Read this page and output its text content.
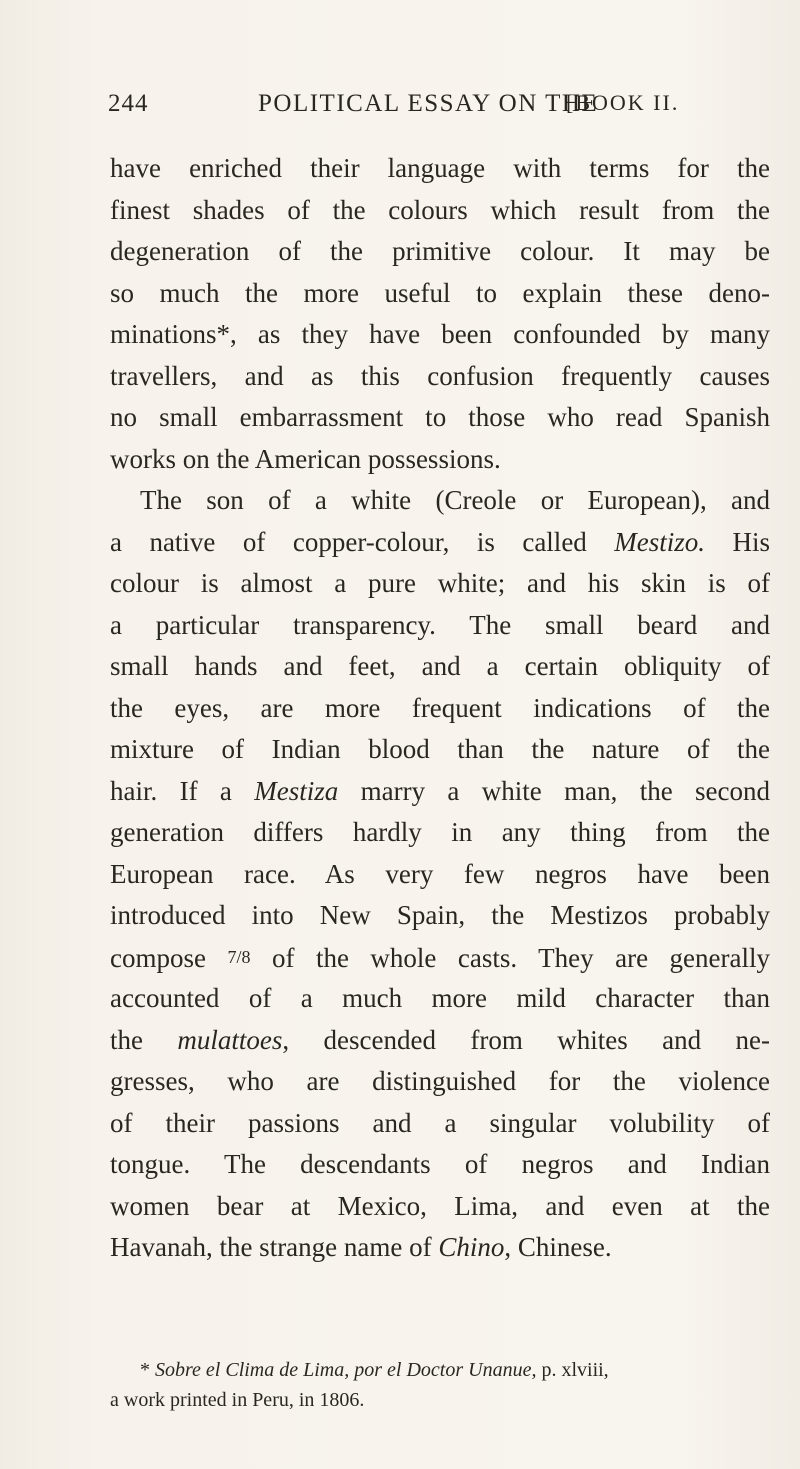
244	POLITICAL ESSAY ON THE
[BOOK II.
have enriched their language with terms for the
finest shades of the colours which result from the
degeneration of the primitive colour. It may be
so much the more useful to explain these deno-
minations*, as they have been confounded by many
travellers, and as this confusion frequently causes
no small embarrassment to those who read Spanish
works on the American possessions.
The son of a white (Creole or European), and
a native of copper-colour, is called Mestizo. His
colour is almost a pure white; and his skin is of
a particular transparency. The small beard and
small hands and feet, and a certain obliquity of
the eyes, are more frequent indications of the
mixture of Indian blood than the nature of the
hair. If a Mestiza marry a white man, the second
generation differs hardly in any thing from the
European race. As very few negros have been
introduced into New Spain, the Mestizos probably
compose 7/8 of the whole casts. They are generally
accounted of a much more mild character than
the mulattoes, descended from whites and ne-
gresses, who are distinguished for the violence
of their passions and a singular volubility of
tongue. The descendants of negros and Indian
women bear at Mexico, Lima, and even at the
Havanah, the strange name of Chino, Chinese.
* Sobre el Clima de Lima, por el Doctor Unanue, p. xlviii,
a work printed in Peru, in 1806.
